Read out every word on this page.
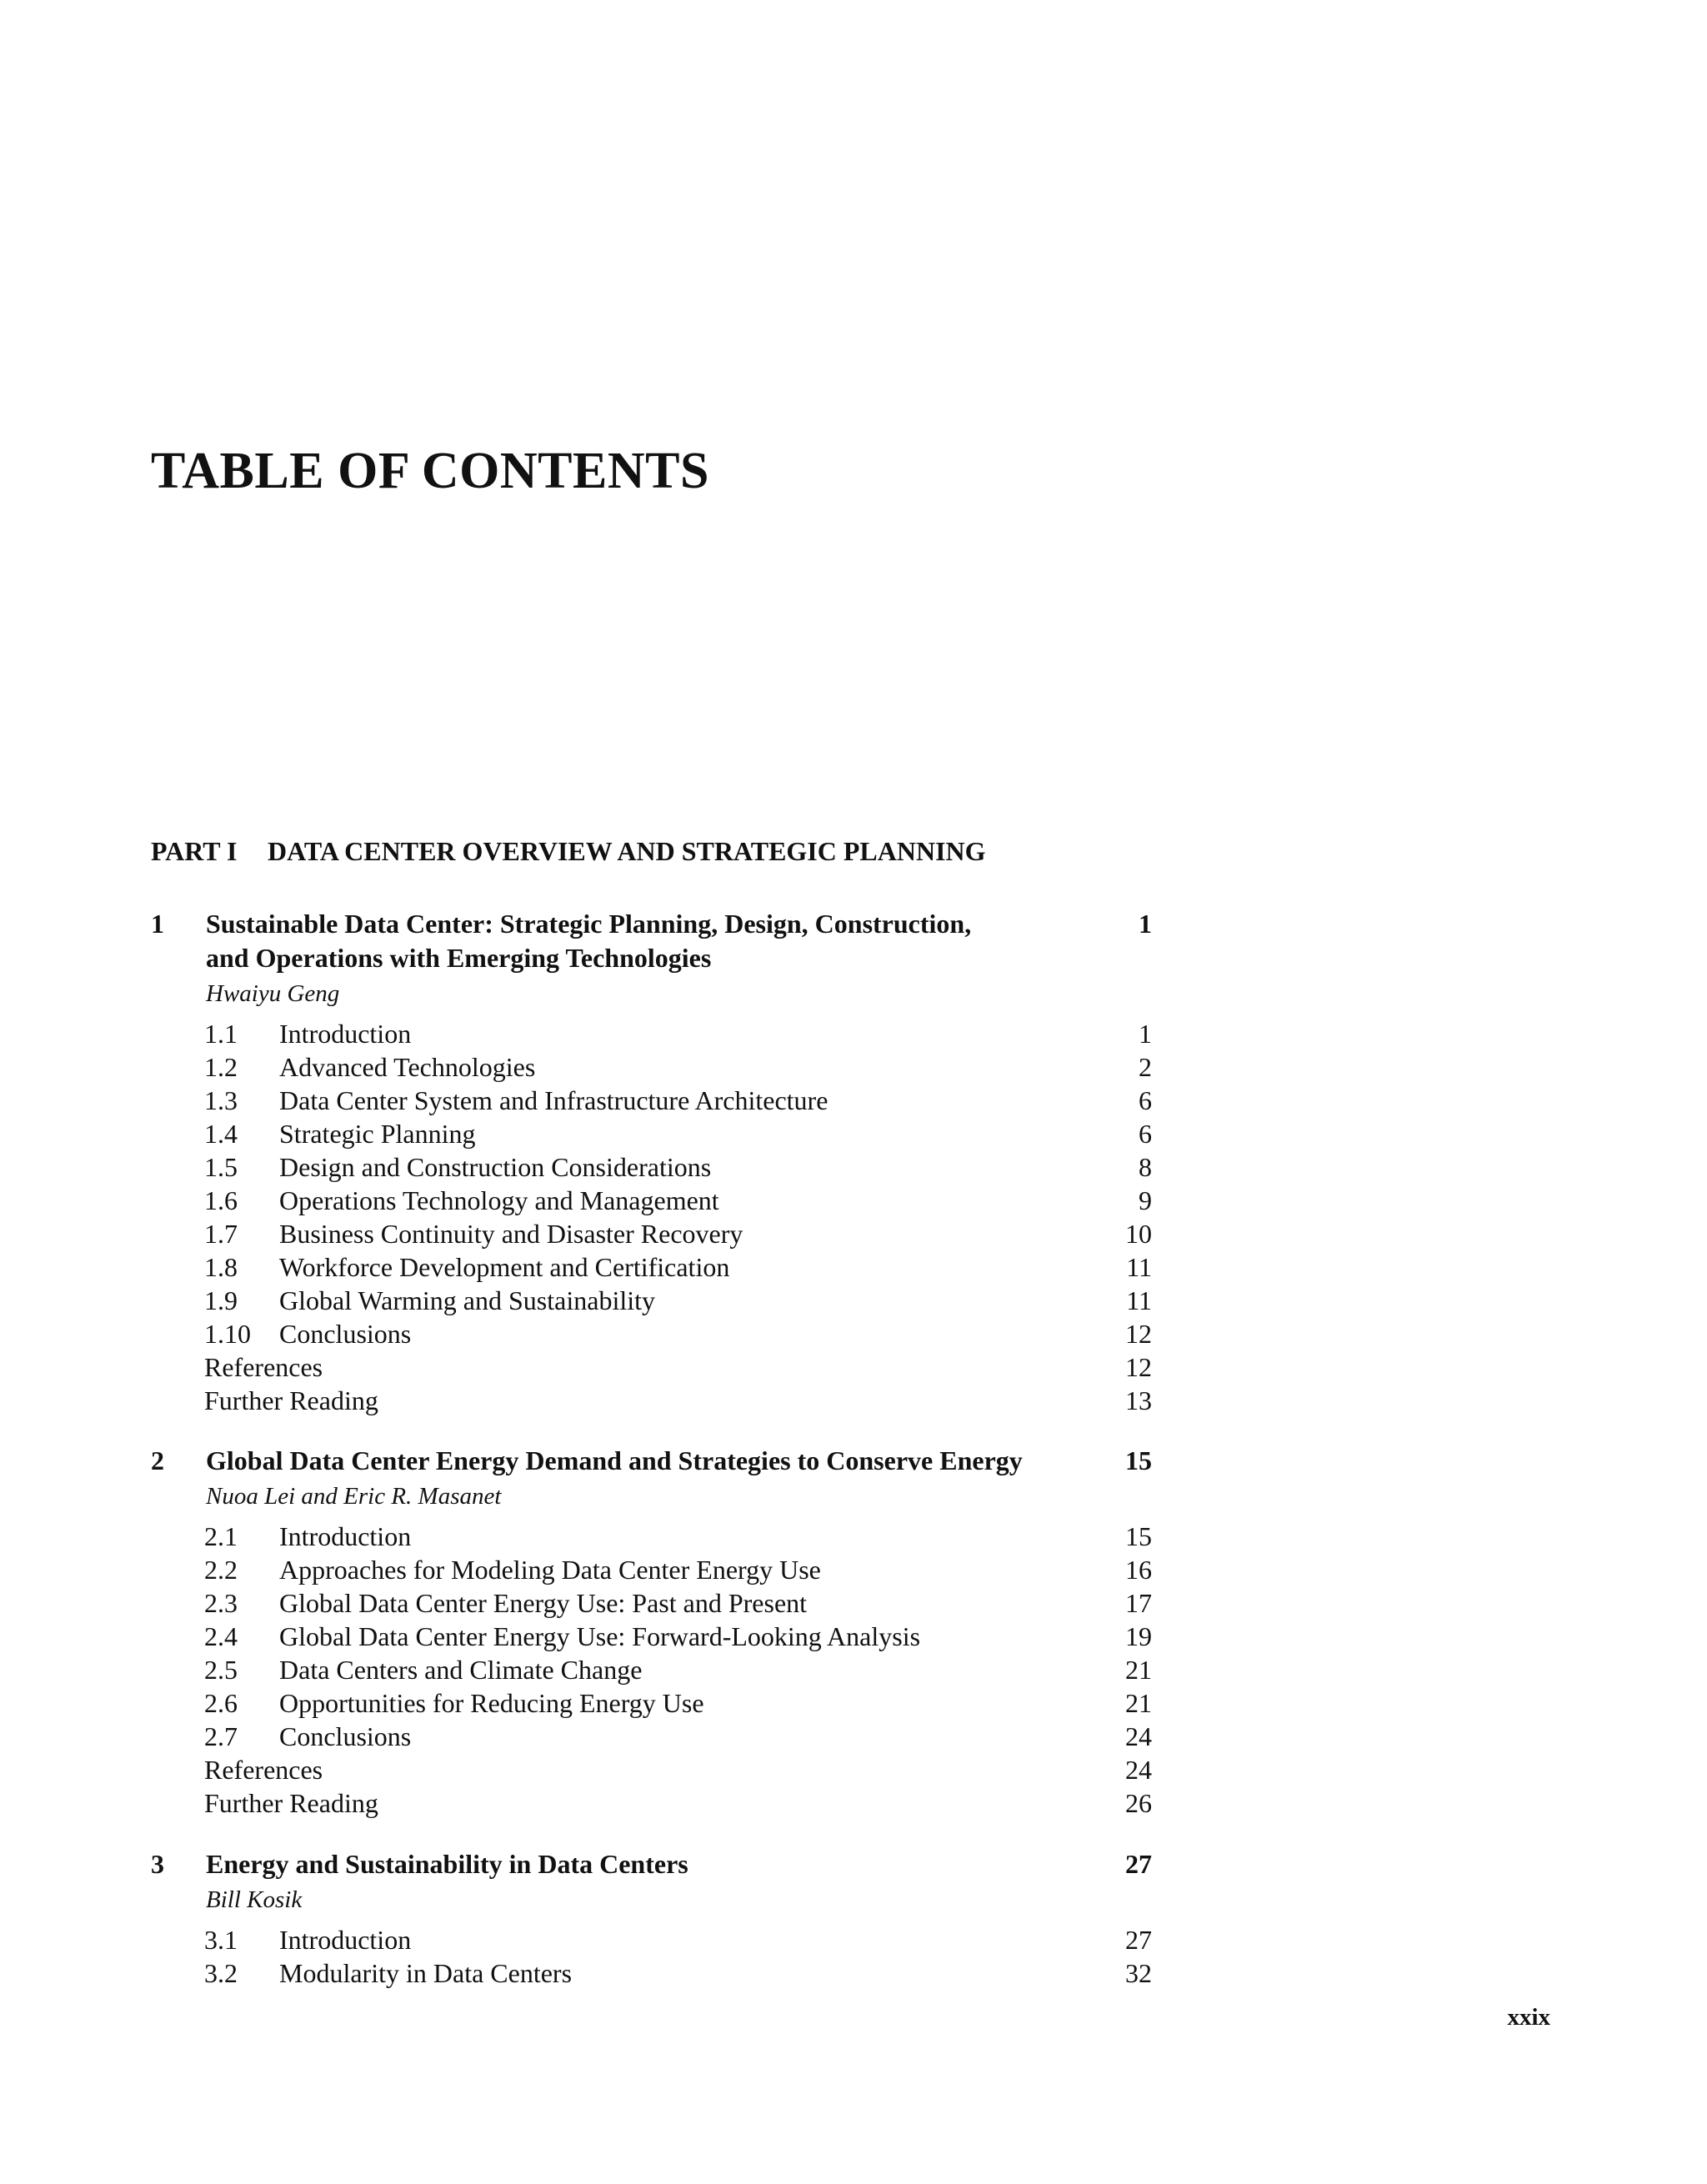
TABLE OF CONTENTS
PART I DATA CENTER OVERVIEW AND STRATEGIC PLANNING
1	Sustainable Data Center: Strategic Planning, Design, Construction,
and Operations with Emerging Technologies
1
Hwaiyu Geng
1.1	Introduction	1
1.2	Advanced Technologies	2
1.3	Data Center System and Infrastructure Architecture	6
1.4	Strategic Planning	6
1.5	Design and Construction Considerations	8
1.6	Operations Technology and Management	9
1.7	Business Continuity and Disaster Recovery	10
1.8	Workforce Development and Certification	11
1.9	Global Warming and Sustainability	11
1.10	Conclusions	12
References	12
Further Reading	13
2	Global Data Center Energy Demand and Strategies to Conserve Energy	15
Nuoa Lei and Eric R. Masanet
2.1	Introduction	15
2.2	Approaches for Modeling Data Center Energy Use	16
2.3	Global Data Center Energy Use: Past and Present	17
2.4	Global Data Center Energy Use: Forward-Looking Analysis	19
2.5	Data Centers and Climate Change	21
2.6	Opportunities for Reducing Energy Use	21
2.7	Conclusions	24
References	24
Further Reading	26
3	Energy and Sustainability in Data Centers	27
Bill Kosik
3.1	Introduction	27
3.2	Modularity in Data Centers	32
xxix
